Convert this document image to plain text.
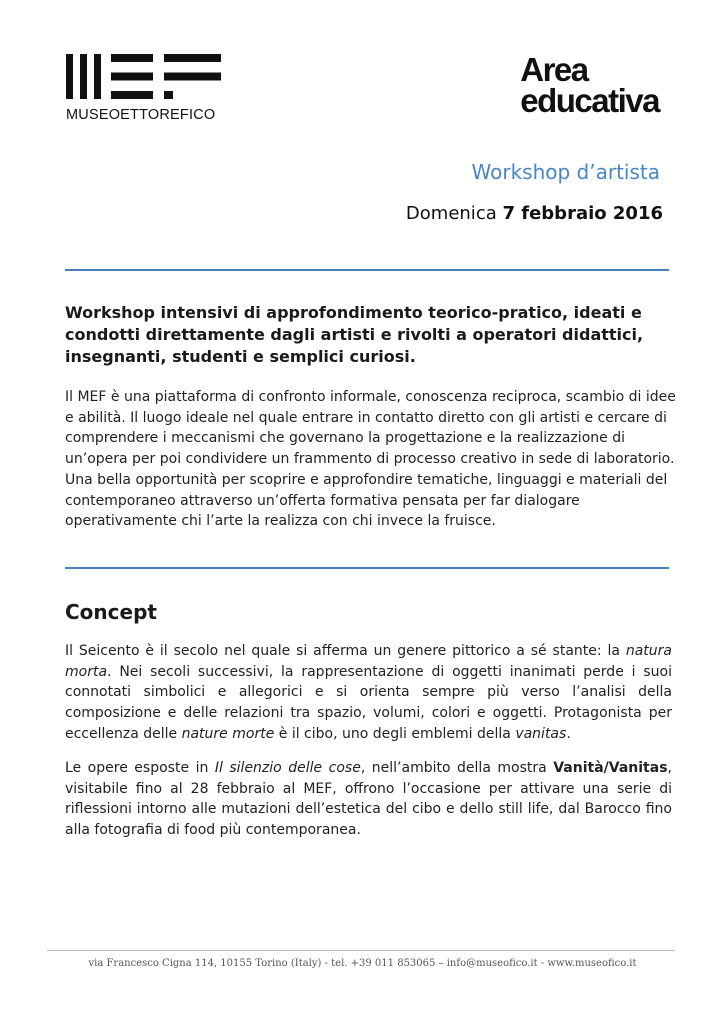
MUSEOETTOREFICO
Area
educativa
Workshop d’artista
Domenica 7 febbraio 2016
Workshop intensivi di approfondimento teorico-pratico, ideati e condotti direttamente dagli artisti e rivolti a operatori didattici, insegnanti, studenti e semplici curiosi.
Il MEF è una piattaforma di confronto informale, conoscenza reciproca, scambio di idee e abilità. Il luogo ideale nel quale entrare in contatto diretto con gli artisti e cercare di comprendere i meccanismi che governano la progettazione e la realizzazione di un’opera per poi condividere un frammento di processo creativo in sede di laboratorio. Una bella opportunità per scoprire e approfondire tematiche, linguaggi e materiali del contemporaneo attraverso un’offerta formativa pensata per far dialogare operativamente chi l’arte la realizza con chi invece la fruisce.
Concept
Il Seicento è il secolo nel quale si afferma un genere pittorico a sé stante: la natura morta. Nei secoli successivi, la rappresentazione di oggetti inanimati perde i suoi connotati simbolici e allegorici e si orienta sempre più verso l’analisi della composizione e delle relazioni tra spazio, volumi, colori e oggetti. Protagonista per eccellenza delle nature morte è il cibo, uno degli emblemi della vanitas.
Le opere esposte in Il silenzio delle cose, nell’ambito della mostra Vanità/Vanitas, visitabile fino al 28 febbraio al MEF, offrono l’occasione per attivare una serie di riflessioni intorno alle mutazioni dell’estetica del cibo e dello still life, dal Barocco fino alla fotografia di food più contemporanea.
via Francesco Cigna 114, 10155 Torino (Italy) - tel. +39 011 853065 – info@museofico.it - www.museofico.it
